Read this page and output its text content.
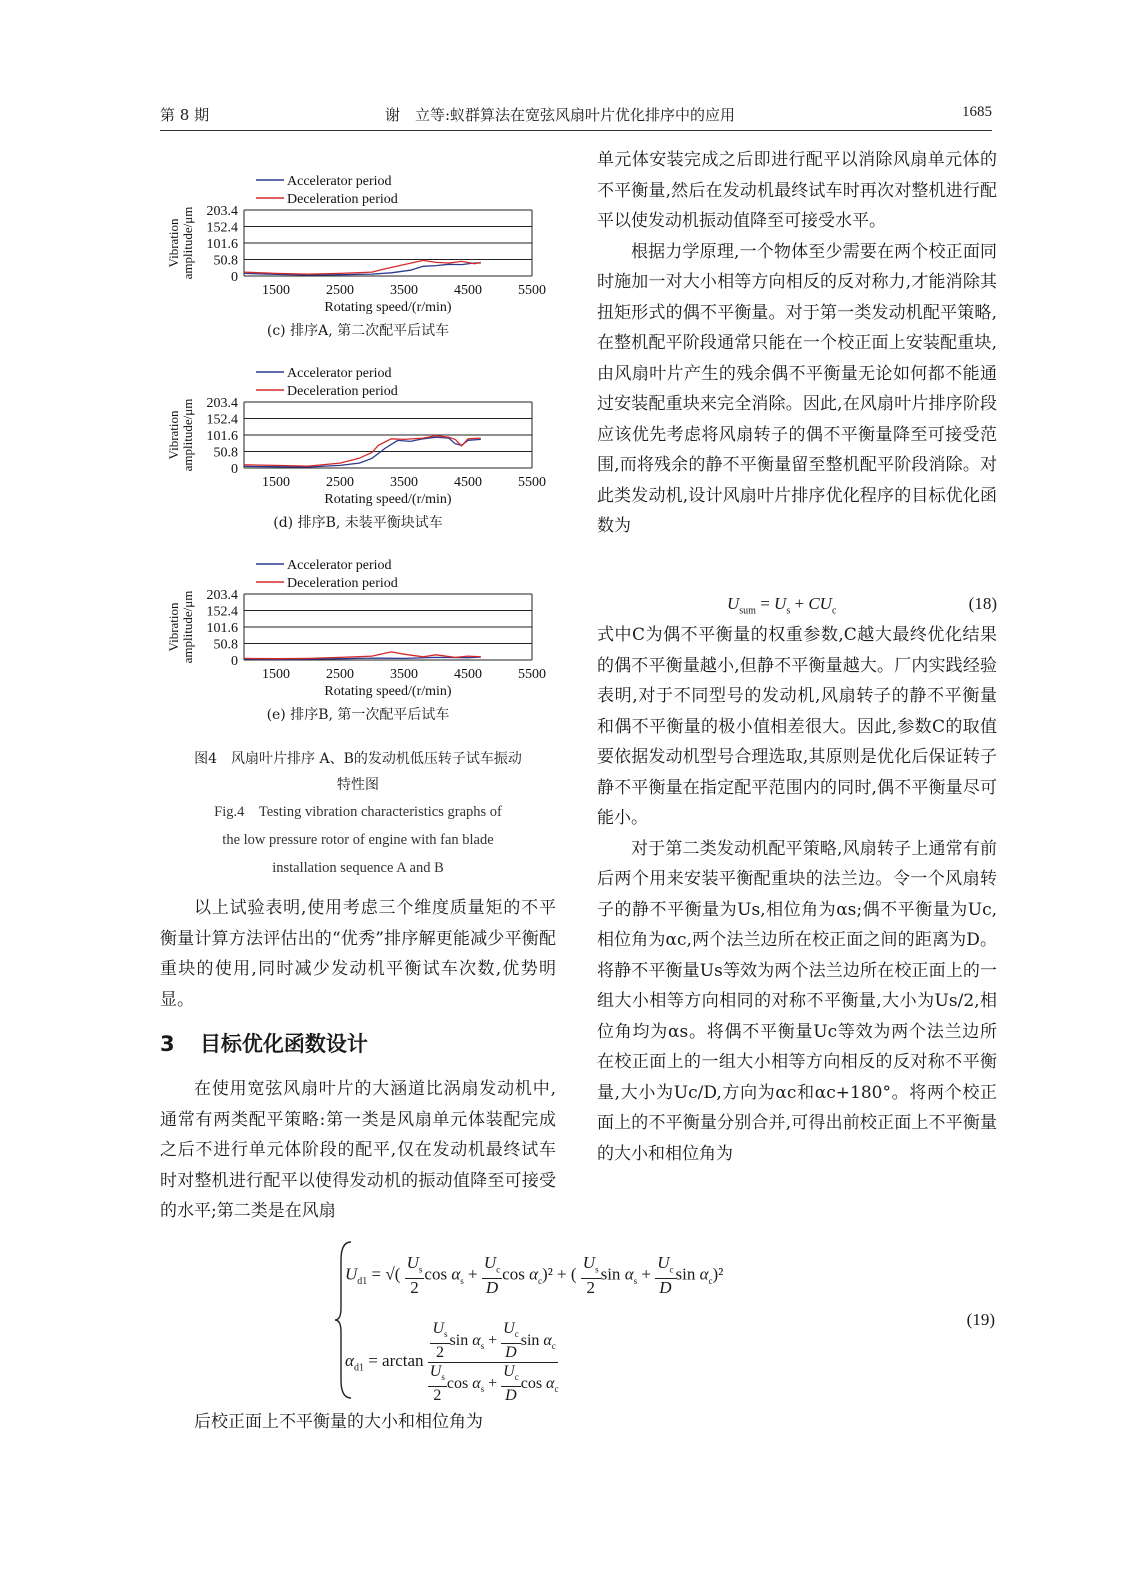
第 8 期	谢　立等:蚁群算法在宽弦风扇叶片优化排序中的应用	1685
Accelerator period
Deceleration period
0
50.8
101.6
152.4
203.4
1500	2500	3500	4500	5500
Rotating speed/(r/min)
Vibration amplitude/μm
(c) 排序A, 第二次配平后试车
Accelerator period
Deceleration period
0
50.8
101.6
152.4
203.4
1500	2500	3500	4500	5500
Rotating speed/(r/min)
Vibration amplitude/μm
(d) 排序B, 未装平衡块试车
Accelerator period
Deceleration period
0
50.8
101.6
152.4
203.4
1500	2500	3500	4500	5500
Rotating speed/(r/min)
Vibration amplitude/μm
(e) 排序B, 第一次配平后试车
图4　风扇叶片排序 A、B的发动机低压转子试车振动
特性图
Fig.4　Testing vibration characteristics graphs of
the low pressure rotor of engine with fan blade
installation sequence A and B

以上试验表明,使用考虑三个维度质量矩的不平衡量计算方法评估出的“优秀”排序解更能减少平衡配重块的使用,同时减少发动机平衡试车次数,优势明显。

3 目标优化函数设计

在使用宽弦风扇叶片的大涵道比涡扇发动机中,通常有两类配平策略:第一类是风扇单元体装配完成之后不进行单元体阶段的配平,仅在发动机最终试车时对整机进行配平以使得发动机的振动值降至可接受的水平;第二类是在风扇

单元体安装完成之后即进行配平以消除风扇单元体的不平衡量,然后在发动机最终试车时再次对整机进行配平以使发动机振动值降至可接受水平。

根据力学原理,一个物体至少需要在两个校正面同时施加一对大小相等方向相反的反对称力,才能消除其扭矩形式的偶不平衡量。对于第一类发动机配平策略,在整机配平阶段通常只能在一个校正面上安装配重块,由风扇叶片产生的残余偶不平衡量无论如何都不能通过安装配重块来完全消除。因此,在风扇叶片排序阶段应该优先考虑将风扇转子的偶不平衡量降至可接受范围,而将残余的静不平衡量留至整机配平阶段消除。对此类发动机,设计风扇叶片排序优化程序的目标优化函数为

$U_{sum} = U_s + CU_c$	(18)

式中C为偶不平衡量的权重参数,C越大最终优化结果的偶不平衡量越小,但静不平衡量越大。厂内实践经验表明,对于不同型号的发动机,风扇转子的静不平衡量和偶不平衡量的极小值相差很大。因此,参数C的取值要依据发动机型号合理选取,其原则是优化后保证转子静不平衡量在指定配平范围内的同时,偶不平衡量尽可能小。

对于第二类发动机配平策略,风扇转子上通常有前后两个用来安装平衡配重块的法兰边。令一个风扇转子的静不平衡量为Us,相位角为αs;偶不平衡量为Uc,相位角为αc,两个法兰边所在校正面之间的距离为D。将静不平衡量Us等效为两个法兰边所在校正面上的一组大小相等方向相同的对称不平衡量,大小为Us/2,相位角均为αs。将偶不平衡量Uc等效为两个法兰边所在校正面上的一组大小相等方向相反的反对称不平衡量,大小为Uc/D,方向为αc和αc+180°。将两个校正面上的不平衡量分别合并,可得出前校正面上不平衡量的大小和相位角为

$U_{d1}$ = √( $\frac{U_s}{2}$ $\cos \alpha_s + \frac{U_c}{D}$ $\cos \alpha_c)^2$ + ( $\frac{U_s}{2}$ $\sin \alpha_s + \frac{U_c}{D}$ $\sin \alpha_c)^2$
$\alpha_{d1} = \arctan \frac{\frac{U_s}{2} \sin \alpha_s + \frac{U_c}{D} \sin \alpha_c}{\frac{U_s}{2} \cos \alpha_s + \frac{U_c}{D} \cos \alpha_c}$
(19)

后校正面上不平衡量的大小和相位角为
